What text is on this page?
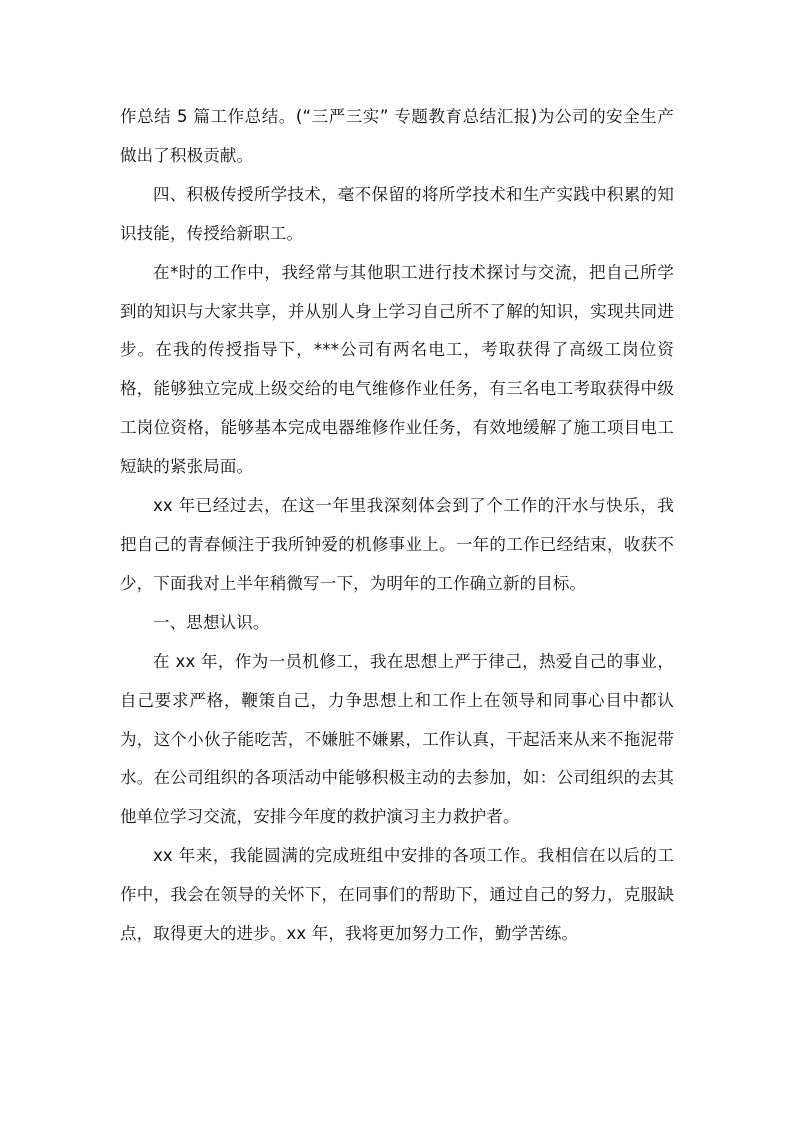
作总结 5 篇工作总结。(“三严三实” 专题教育总结汇报)为公司的安全生产做出了积极贡献。

四、积极传授所学技术，毫不保留的将所学技术和生产实践中积累的知识技能，传授给新职工。

在*时的工作中，我经常与其他职工进行技术探讨与交流，把自己所学到的知识与大家共享，并从别人身上学习自己所不了解的知识，实现共同进步。在我的传授指导下，***公司有两名电工，考取获得了高级工岗位资格，能够独立完成上级交给的电气维修作业任务，有三名电工考取获得中级工岗位资格，能够基本完成电器维修作业任务，有效地缓解了施工项目电工短缺的紧张局面。

xx 年已经过去，在这一年里我深刻体会到了个工作的汗水与快乐，我把自己的青春倾注于我所钟爱的机修事业上。一年的工作已经结束，收获不少，下面我对上半年稍微写一下，为明年的工作确立新的目标。

一、思想认识。

在 xx 年，作为一员机修工，我在思想上严于律己，热爱自己的事业，自己要求严格，鞭策自己，力争思想上和工作上在领导和同事心目中都认为，这个小伙子能吃苦，不嫌脏不嫌累，工作认真，干起活来从来不拖泥带水。在公司组织的各项活动中能够积极主动的去参加，如：公司组织的去其他单位学习交流，安排今年度的救护演习主力救护者。

xx 年来，我能圆满的完成班组中安排的各项工作。我相信在以后的工作中，我会在领导的关怀下，在同事们的帮助下，通过自己的努力，克服缺点，取得更大的进步。xx 年，我将更加努力工作，勤学苦练。
